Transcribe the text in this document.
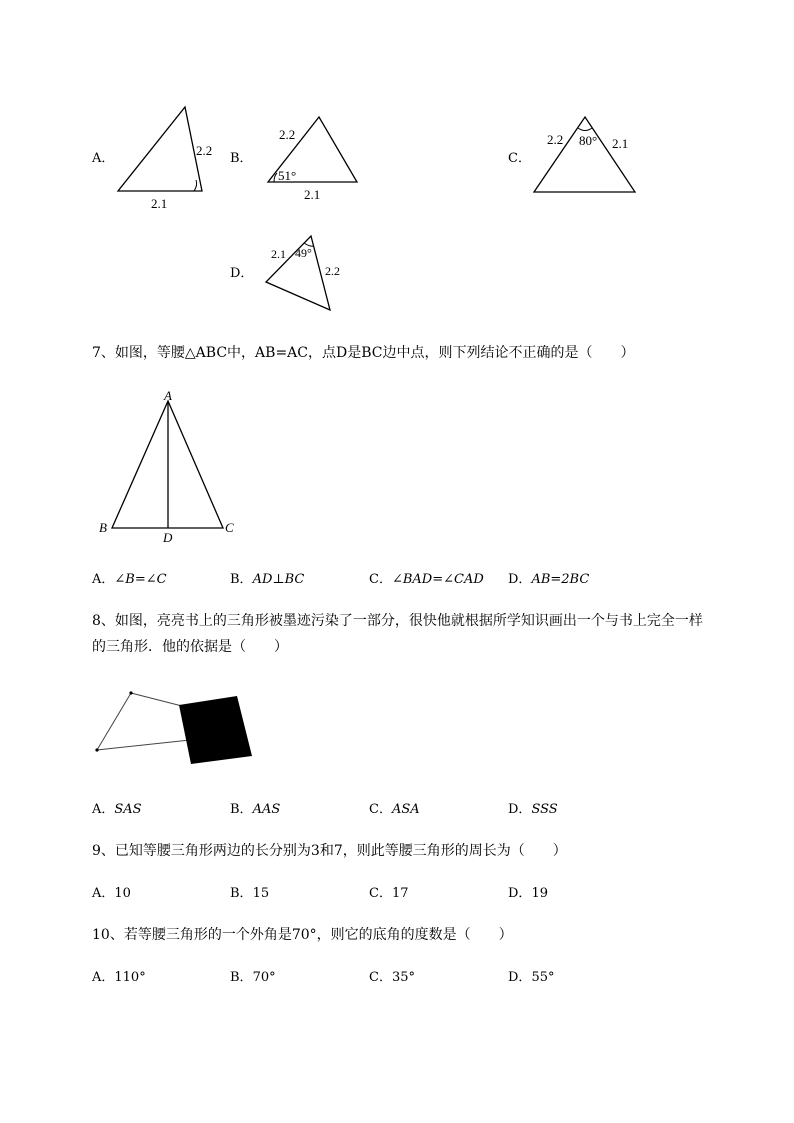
A．
2.2
2.1
B．
2.2
51°
2.1
C．
2.2 80° 2.1
D．
2.1 49°
2.2
7、如图，等腰△ABC中，AB=AC，点D是BC边中点，则下列结论不正确的是（　　）
A
B	C
D
A．∠B=∠C	B．AD⊥BC	C．∠BAD=∠CAD D．AB=2BC
8、如图，亮亮书上的三角形被墨迹污染了一部分，很快他就根据所学知识画出一个与书上完全一样
的三角形．他的依据是（　　）
A．SAS	B．AAS	C．ASA	D．SSS
9、已知等腰三角形两边的长分别为3和7，则此等腰三角形的周长为（　　）
A．10	B．15	C．17	D．19
10、若等腰三角形的一个外角是70°，则它的底角的度数是（　　）
A．110°	B．70°	C．35°	D．55°
